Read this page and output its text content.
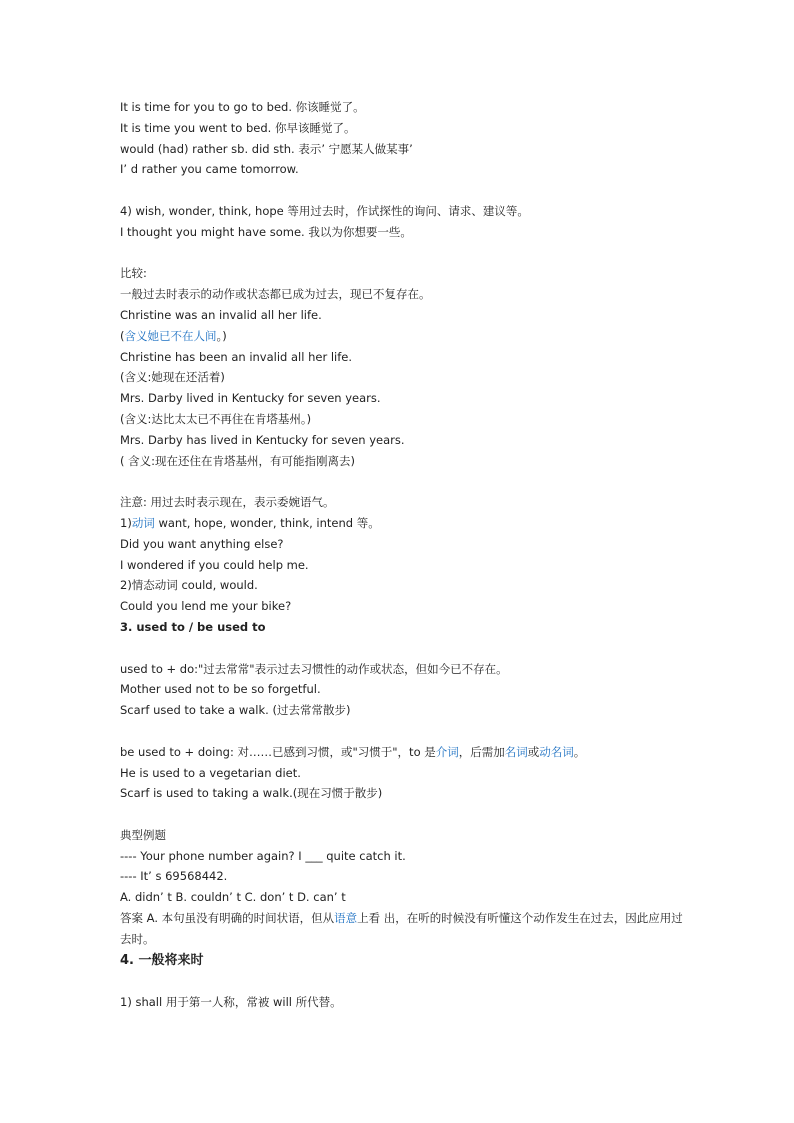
It is time for you to go to bed. 你该睡觉了。
It is time you went to bed. 你早该睡觉了。
would (had) rather sb. did sth. 表示’ 宁愿某人做某事’
I’ d rather you came tomorrow.
4) wish, wonder, think, hope 等用过去时，作试探性的询问、请求、建议等。
I thought you might have some. 我以为你想要一些。
比较:
一般过去时表示的动作或状态都已成为过去，现已不复存在。
Christine was an invalid all her life.
(含义她已不在人间。)
Christine has been an invalid all her life.
(含义:她现在还活着)
Mrs. Darby lived in Kentucky for seven years.
(含义:达比太太已不再住在肯塔基州。)
Mrs. Darby has lived in Kentucky for seven years.
( 含义:现在还住在肯塔基州，有可能指刚离去)
注意: 用过去时表示现在，表示委婉语气。
1)动词 want, hope, wonder, think, intend 等。
Did you want anything else?
I wondered if you could help me.
2)情态动词 could, would.
Could you lend me your bike?
3. used to / be used to
used to + do:"过去常常"表示过去习惯性的动作或状态，但如今已不存在。
Mother used not to be so forgetful.
Scarf used to take a walk. (过去常常散步)
be used to + doing: 对……已感到习惯，或"习惯于"，to 是介词，后需加名词或动名词。
He is used to a vegetarian diet.
Scarf is used to taking a walk.(现在习惯于散步)
典型例题
---- Your phone number again? I ___ quite catch it.
---- It’ s 69568442.
A. didn’ t B. couldn’ t C. don’ t D. can’ t
答案 A. 本句虽没有明确的时间状语，但从语意上看 出，在听的时候没有听懂这个动作发生在过去，因此应用过去时。
4. 一般将来时
1) shall 用于第一人称，常被 will 所代替。
